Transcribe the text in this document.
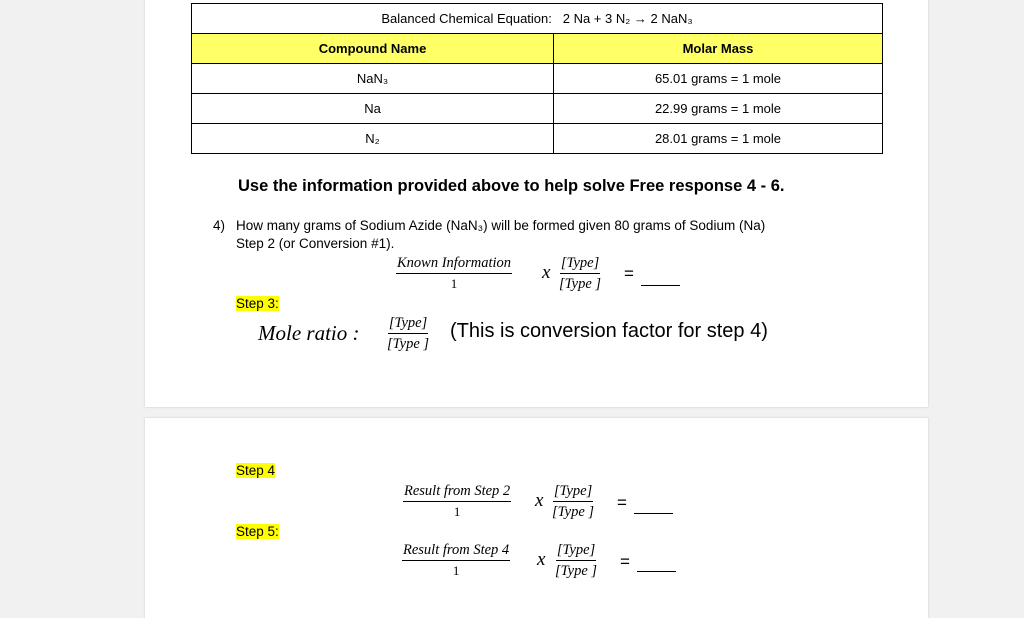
Balanced Chemical Equation: 2 Na + 3 N₂ → 2 NaN₃	
Compound Name	Molar Mass
NaN₃	65.01 grams = 1 mole
Na	22.99 grams = 1 mole
N₂	28.01 grams = 1 mole
Use the information provided above to help solve Free response 4 - 6.
4) How many grams of Sodium Azide (NaN₃) will be formed given 80 grams of Sodium (Na)
Step 2 (or Conversion #1).
Known Information
1	x [Type]
[Type ]
=
Step 3:
Mole ratio : [Type]
[Type ]
(This is conversion factor for step 4)
Step 4
Result from Step 2
1	x [Type]
[Type ] =
Step 5:
Result from Step 4
1	x [Type]
[Type ] =
